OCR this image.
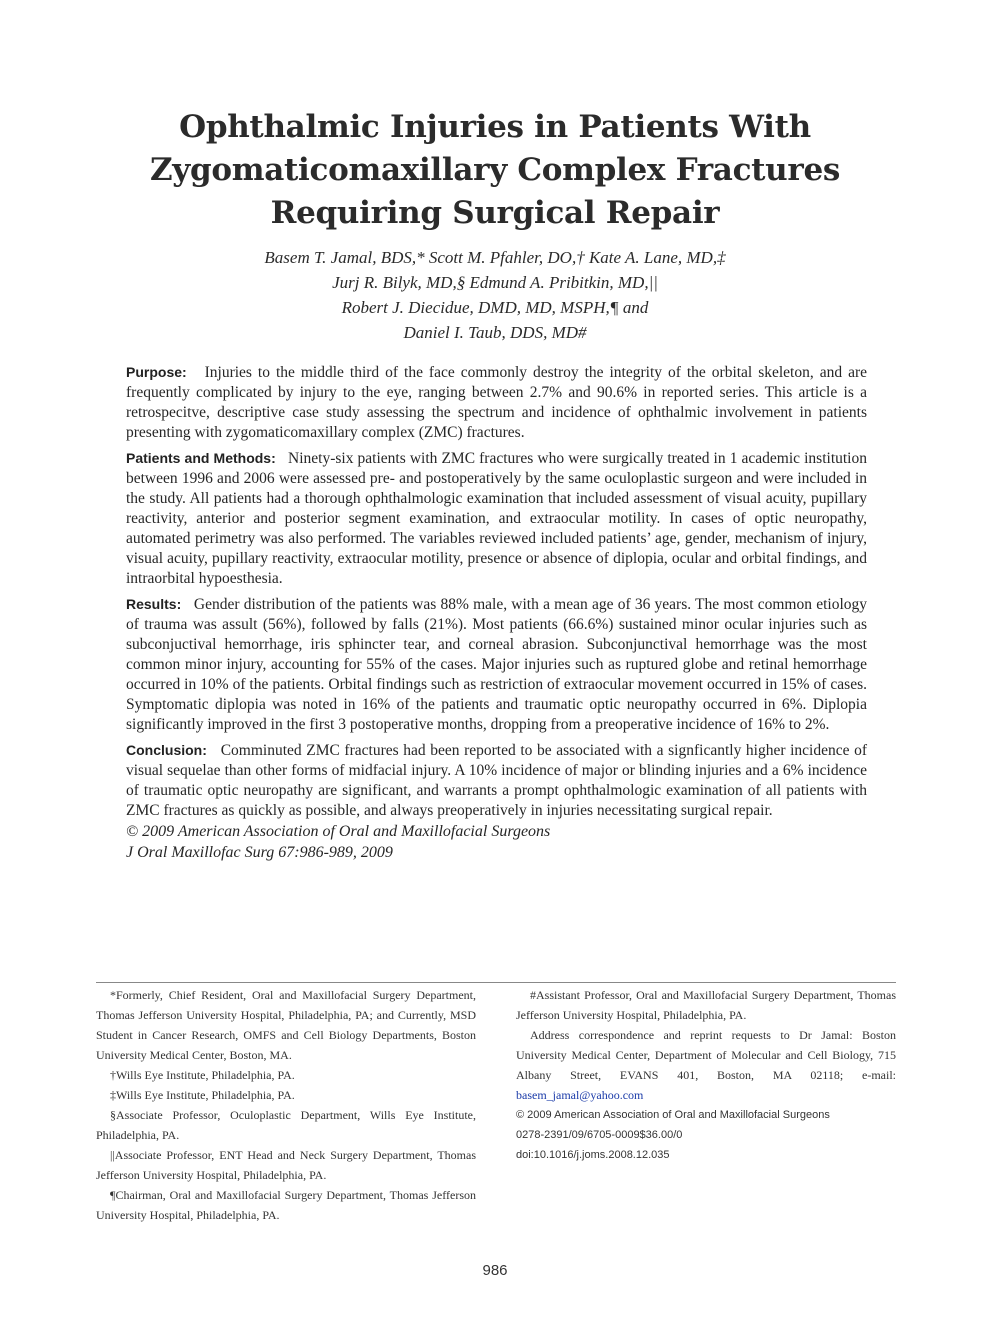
Ophthalmic Injuries in Patients With Zygomaticomaxillary Complex Fractures Requiring Surgical Repair
Basem T. Jamal, BDS,* Scott M. Pfahler, DO,† Kate A. Lane, MD,‡
Jurj R. Bilyk, MD,§ Edmund A. Pribitkin, MD,||
Robert J. Diecidue, DMD, MD, MSPH,¶ and
Daniel I. Taub, DDS, MD#

Purpose: Injuries to the middle third of the face commonly destroy the integrity of the orbital skeleton, and are frequently complicated by injury to the eye, ranging between 2.7% and 90.6% in reported series. This article is a retrospecitve, descriptive case study assessing the spectrum and incidence of ophthalmic involvement in patients presenting with zygomaticomaxillary complex (ZMC) fractures.

Patients and Methods: Ninety-six patients with ZMC fractures who were surgically treated in 1 academic institution between 1996 and 2006 were assessed pre- and postoperatively by the same oculoplastic surgeon and were included in the study. All patients had a thorough ophthalmologic examination that included assessment of visual acuity, pupillary reactivity, anterior and posterior segment examination, and extraocular motility. In cases of optic neuropathy, automated perimetry was also performed. The variables reviewed included patients’ age, gender, mechanism of injury, visual acuity, pupillary reactivity, extraocular motility, presence or absence of diplopia, ocular and orbital findings, and intraorbital hypoesthesia.

Results: Gender distribution of the patients was 88% male, with a mean age of 36 years. The most common etiology of trauma was assult (56%), followed by falls (21%). Most patients (66.6%) sustained minor ocular injuries such as subconjuctival hemorrhage, iris sphincter tear, and corneal abrasion. Subconjunctival hemorrhage was the most common minor injury, accounting for 55% of the cases. Major injuries such as ruptured globe and retinal hemorrhage occurred in 10% of the patients. Orbital findings such as restriction of extraocular movement occurred in 15% of cases. Symptomatic diplopia was noted in 16% of the patients and traumatic optic neuropathy occurred in 6%. Diplopia significantly improved in the first 3 postoperative months, dropping from a preoperative incidence of 16% to 2%.

Conclusion: Comminuted ZMC fractures had been reported to be associated with a signficantly higher incidence of visual sequelae than other forms of midfacial injury. A 10% incidence of major or blinding injuries and a 6% incidence of traumatic optic neuropathy are significant, and warrants a prompt ophthalmologic examination of all patients with ZMC fractures as quickly as possible, and always preoperatively in injuries necessitating surgical repair.

© 2009 American Association of Oral and Maxillofacial Surgeons

J Oral Maxillofac Surg 67:986-989, 2009

*Formerly, Chief Resident, Oral and Maxillofacial Surgery Department, Thomas Jefferson University Hospital, Philadelphia, PA; and Currently, MSD Student in Cancer Research, OMFS and Cell Biology Departments, Boston University Medical Center, Boston, MA.

†Wills Eye Institute, Philadelphia, PA.

‡Wills Eye Institute, Philadelphia, PA.

§Associate Professor, Oculoplastic Department, Wills Eye Institute, Philadelphia, PA.

||Associate Professor, ENT Head and Neck Surgery Department, Thomas Jefferson University Hospital, Philadelphia, PA.

¶Chairman, Oral and Maxillofacial Surgery Department, Thomas Jefferson University Hospital, Philadelphia, PA.

#Assistant Professor, Oral and Maxillofacial Surgery Department, Thomas Jefferson University Hospital, Philadelphia, PA.

Address correspondence and reprint requests to Dr Jamal: Boston University Medical Center, Department of Molecular and Cell Biology, 715 Albany Street, EVANS 401, Boston, MA 02118; e-mail: basem_jamal@yahoo.com

© 2009 American Association of Oral and Maxillofacial Surgeons

0278-2391/09/6705-0009$36.00/0

doi:10.1016/j.joms.2008.12.035

986
